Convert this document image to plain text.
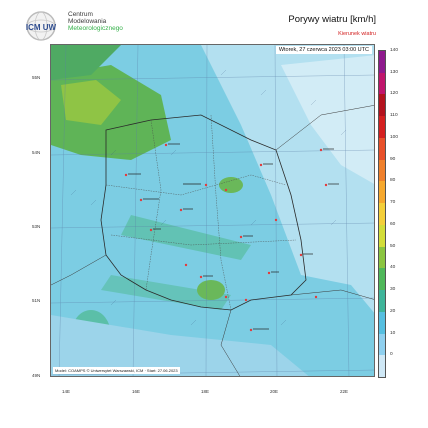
ICM UW
Centrum
Modelowania
Meteorologicznego
Porywy wiatru [km/h]
Kierunek wiatru
Wtorek, 27 czerwca 2023 03:00 UTC
Model: COAMPS © Uniwersytet Warszawski, ICM · Start: 27.06.2023
55N
54N
53N
51N
49N
14E	16E	18E	20E	22E
140
130
120
110
100
90
80
70
60
50
40
30
20
10
0
